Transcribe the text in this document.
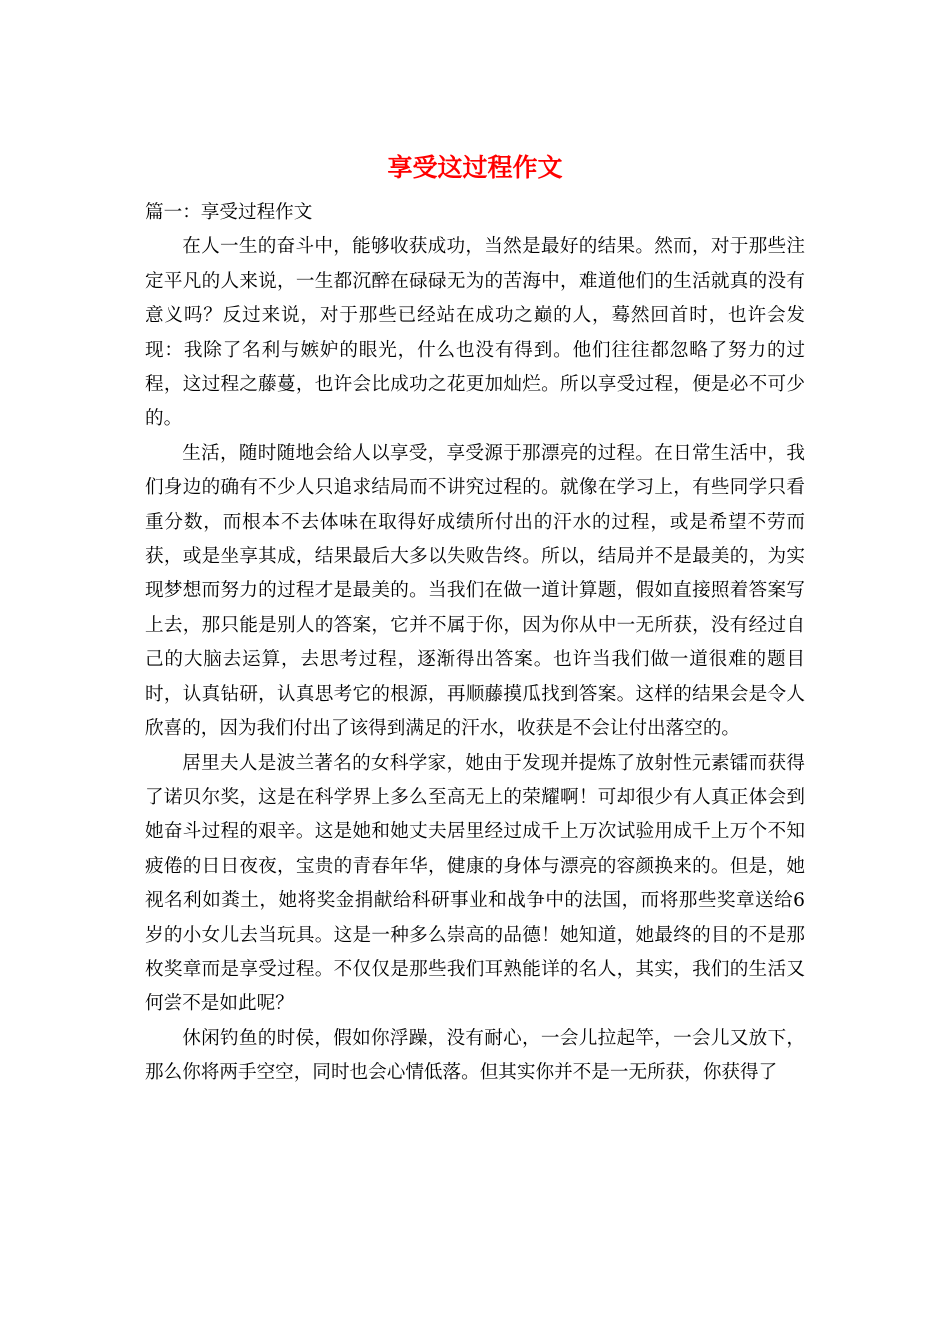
享受这过程作文

篇一：享受过程作文

在人一生的奋斗中，能够收获成功，当然是最好的结果。然而，对于那些注定平凡的人来说，一生都沉醉在碌碌无为的苦海中，难道他们的生活就真的没有意义吗？反过来说，对于那些已经站在成功之巅的人，蓦然回首时，也许会发现：我除了名利与嫉妒的眼光，什么也没有得到。他们往往都忽略了努力的过程，这过程之藤蔓，也许会比成功之花更加灿烂。所以享受过程，便是必不可少的。

生活，随时随地会给人以享受，享受源于那漂亮的过程。在日常生活中，我们身边的确有不少人只追求结局而不讲究过程的。就像在学习上，有些同学只看重分数，而根本不去体味在取得好成绩所付出的汗水的过程，或是希望不劳而获，或是坐享其成，结果最后大多以失败告终。所以，结局并不是最美的，为实现梦想而努力的过程才是最美的。当我们在做一道计算题，假如直接照着答案写上去，那只能是别人的答案，它并不属于你，因为你从中一无所获，没有经过自己的大脑去运算，去思考过程，逐渐得出答案。也许当我们做一道很难的题目时，认真钻研，认真思考它的根源，再顺藤摸瓜找到答案。这样的结果会是令人欣喜的，因为我们付出了该得到满足的汗水，收获是不会让付出落空的。

居里夫人是波兰著名的女科学家，她由于发现并提炼了放射性元素镭而获得了诺贝尔奖，这是在科学界上多么至高无上的荣耀啊！可却很少有人真正体会到她奋斗过程的艰辛。这是她和她丈夫居里经过成千上万次试验用成千上万个不知疲倦的日日夜夜，宝贵的青春年华，健康的身体与漂亮的容颜换来的。但是，她视名利如粪土，她将奖金捐献给科研事业和战争中的法国，而将那些奖章送给6岁的小女儿去当玩具。这是一种多么崇高的品德！她知道，她最终的目的不是那枚奖章而是享受过程。不仅仅是那些我们耳熟能详的名人，其实，我们的生活又何尝不是如此呢？

休闲钓鱼的时侯，假如你浮躁，没有耐心，一会儿拉起竿，一会儿又放下，那么你将两手空空，同时也会心情低落。但其实你并不是一无所获，你获得了
